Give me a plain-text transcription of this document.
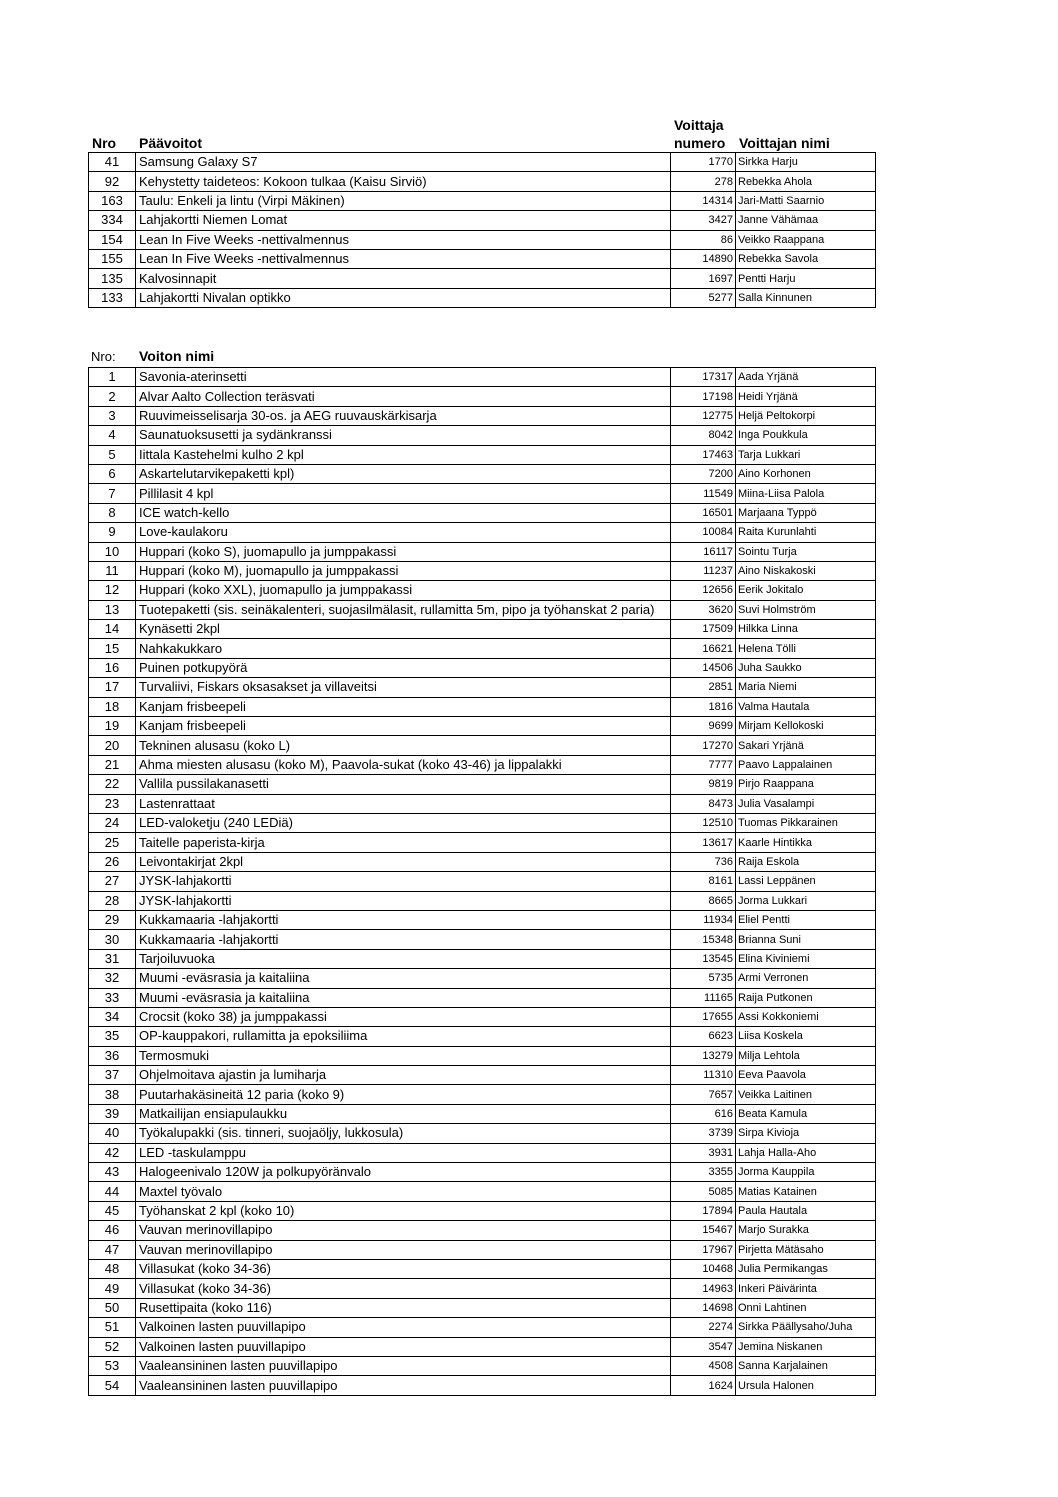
Nro Päävoitot
Voittaja
numero Voittajan nimi
41	Samsung Galaxy S7	1770	Sirkka Harju
92	Kehystetty taideteos: Kokoon tulkaa (Kaisu Sirviö)	278	Rebekka Ahola
163	Taulu: Enkeli ja lintu (Virpi Mäkinen)	14314	Jari-Matti Saarnio
334	Lahjakortti Niemen Lomat	3427	Janne Vähämaa
154	Lean In Five Weeks -nettivalmennus	86	Veikko Raappana
155	Lean In Five Weeks -nettivalmennus	14890	Rebekka Savola
135	Kalvosinnapit	1697	Pentti Harju
133	Lahjakortti Nivalan optikko	5277	Salla Kinnunen
Nro: Voiton nimi
1	Savonia-aterinsetti	17317	Aada Yrjänä
2	Alvar Aalto Collection teräsvati	17198	Heidi Yrjänä
3	Ruuvimeisselisarja 30-os. ja AEG ruuvauskärkisarja	12775	Heljä Peltokorpi
4	Saunatuoksusetti ja sydänkranssi	8042	Inga Poukkula
5	Iittala Kastehelmi kulho 2 kpl	17463	Tarja Lukkari
6	Askartelutarvikepaketti kpl)	7200	Aino Korhonen
7	Pillilasit 4 kpl	11549	Miina-Liisa Palola
8	ICE watch-kello	16501	Marjaana Typpö
9	Love-kaulakoru	10084	Raita Kurunlahti
10	Huppari (koko S), juomapullo ja jumppakassi	16117	Sointu Turja
11	Huppari (koko M), juomapullo ja jumppakassi	11237	Aino Niskakoski
12	Huppari (koko XXL), juomapullo ja jumppakassi	12656	Eerik Jokitalo
13	Tuotepaketti (sis. seinäkalenteri, suojasilmälasit, rullamitta 5m, pipo ja työhanskat 2 paria)	3620	Suvi Holmström
14	Kynäsetti 2kpl	17509	Hilkka Linna
15	Nahkakukkaro	16621	Helena Tölli
16	Puinen potkupyörä	14506	Juha Saukko
17	Turvaliivi, Fiskars oksasakset ja villaveitsi	2851	Maria Niemi
18	Kanjam frisbeepeli	1816	Valma Hautala
19	Kanjam frisbeepeli	9699	Mirjam Kellokoski
20	Tekninen alusasu (koko L)	17270	Sakari Yrjänä
21	Ahma miesten alusasu (koko M), Paavola-sukat (koko 43-46) ja lippalakki	7777	Paavo Lappalainen
22	Vallila pussilakanasetti	9819	Pirjo Raappana
23	Lastenrattaat	8473	Julia Vasalampi
24	LED-valoketju (240 LEDiä)	12510	Tuomas Pikkarainen
25	Taitelle paperista-kirja	13617	Kaarle Hintikka
26	Leivontakirjat 2kpl	736	Raija Eskola
27	JYSK-lahjakortti	8161	Lassi Leppänen
28	JYSK-lahjakortti	8665	Jorma Lukkari
29	Kukkamaaria -lahjakortti	11934	Eliel Pentti
30	Kukkamaaria -lahjakortti	15348	Brianna Suni
31	Tarjoiluvuoka	13545	Elina Kiviniemi
32	Muumi -eväsrasia ja kaitaliina	5735	Armi Verronen
33	Muumi -eväsrasia ja kaitaliina	11165	Raija Putkonen
34	Crocsit (koko 38) ja jumppakassi	17655	Assi Kokkoniemi
35	OP-kauppakori, rullamitta ja epoksiliima	6623	Liisa Koskela
36	Termosmuki	13279	Milja Lehtola
37	Ohjelmoitava ajastin ja lumiharja	11310	Eeva Paavola
38	Puutarhakäsineitä 12 paria (koko 9)	7657	Veikka Laitinen
39	Matkailijan ensiapulaukku	616	Beata Kamula
40	Työkalupakki (sis. tinneri, suojaöljy, lukkosula)	3739	Sirpa Kivioja
42	LED -taskulamppu	3931	Lahja Halla-Aho
43	Halogeenivalo 120W ja polkupyöränvalo	3355	Jorma Kauppila
44	Maxtel työvalo	5085	Matias Katainen
45	Työhanskat 2 kpl (koko 10)	17894	Paula Hautala
46	Vauvan merinovillapipo	15467	Marjo Surakka
47	Vauvan merinovillapipo	17967	Pirjetta Mätäsaho
48	Villasukat (koko 34-36)	10468	Julia Permikangas
49	Villasukat (koko 34-36)	14963	Inkeri Päivärinta
50	Rusettipaita (koko 116)	14698	Onni Lahtinen
51	Valkoinen lasten puuvillapipo	2274	Sirkka Päällysaho/Juha
52	Valkoinen lasten puuvillapipo	3547	Jemina Niskanen
53	Vaaleansininen lasten puuvillapipo	4508	Sanna Karjalainen
54	Vaaleansininen lasten puuvillapipo	1624	Ursula Halonen
